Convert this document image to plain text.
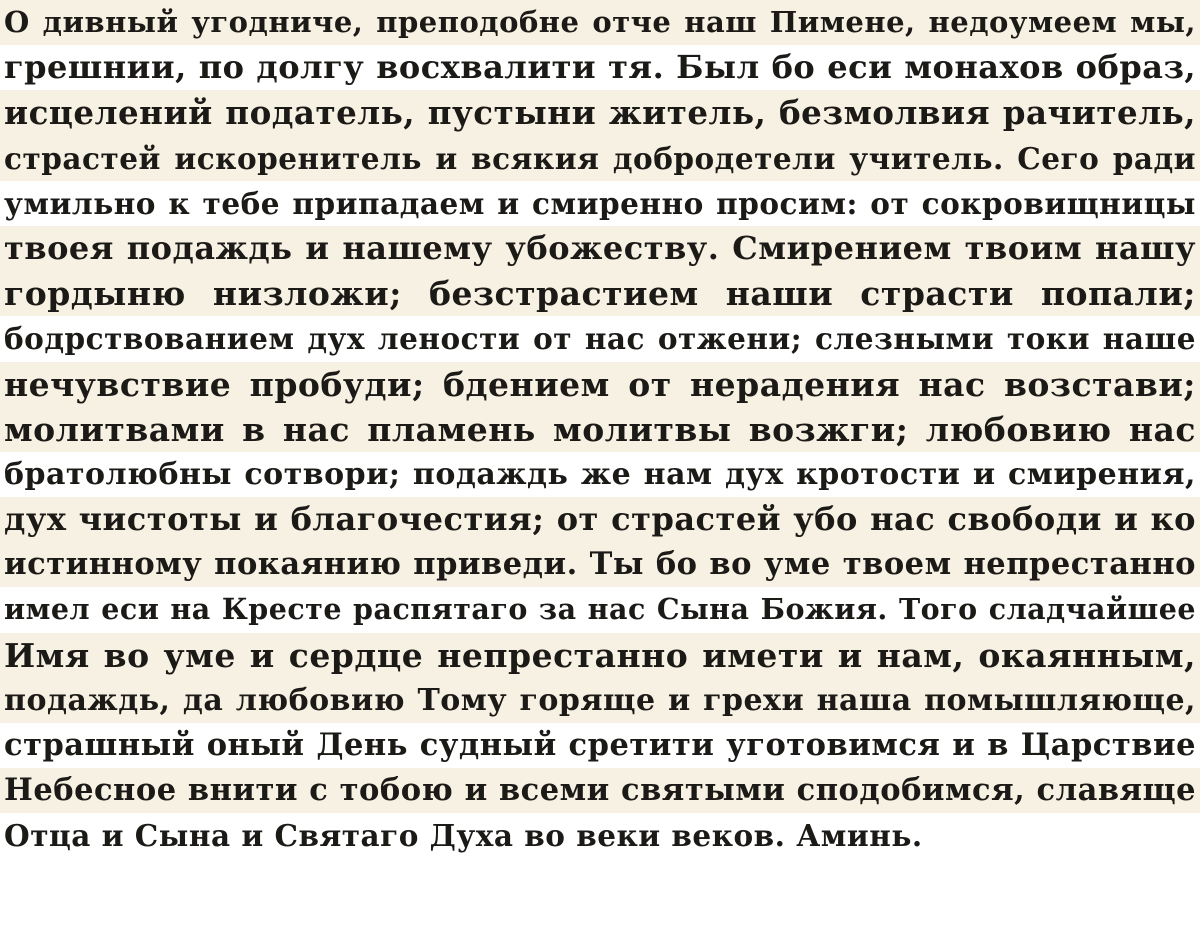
О дивный угодниче, преподобне отче наш Пимене, недоумеем мы,
грешнии, по долгу восхвалити тя. Был бо еси монахов образ,
исцелений податель, пустыни житель, безмолвия рачитель,
страстей искоренитель и всякия добродетели учитель. Сего ради
умильно к тебе припадаем и смиренно просим: от сокровищницы
твоея подаждь и нашему убожеству. Смирением твоим нашу
гордыню низложи; безстрастием наши страсти попали;
бодрствованием дух лености от нас отжени; слезными токи наше
нечувствие пробуди; бдением от нерадения нас возстави;
молитвами в нас пламень молитвы возжги; любовию нас
братолюбны сотвори; подаждь же нам дух кротости и смирения,
дух чистоты и благочестия; от страстей убо нас свободи и ко
истинному покаянию приведи. Ты бо во уме твоем непрестанно
имел еси на Кресте распятаго за нас Сына Божия. Того сладчайшее
Имя во уме и сердце непрестанно имети и нам, окаянным,
подаждь, да любовию Тому горяще и грехи наша помышляюще,
страшный оный День судный сретити уготовимся и в Царствие
Небесное внити с тобою и всеми святыми сподобимся, славяще
Отца и Сына и Святаго Духа во веки веков. Аминь.
